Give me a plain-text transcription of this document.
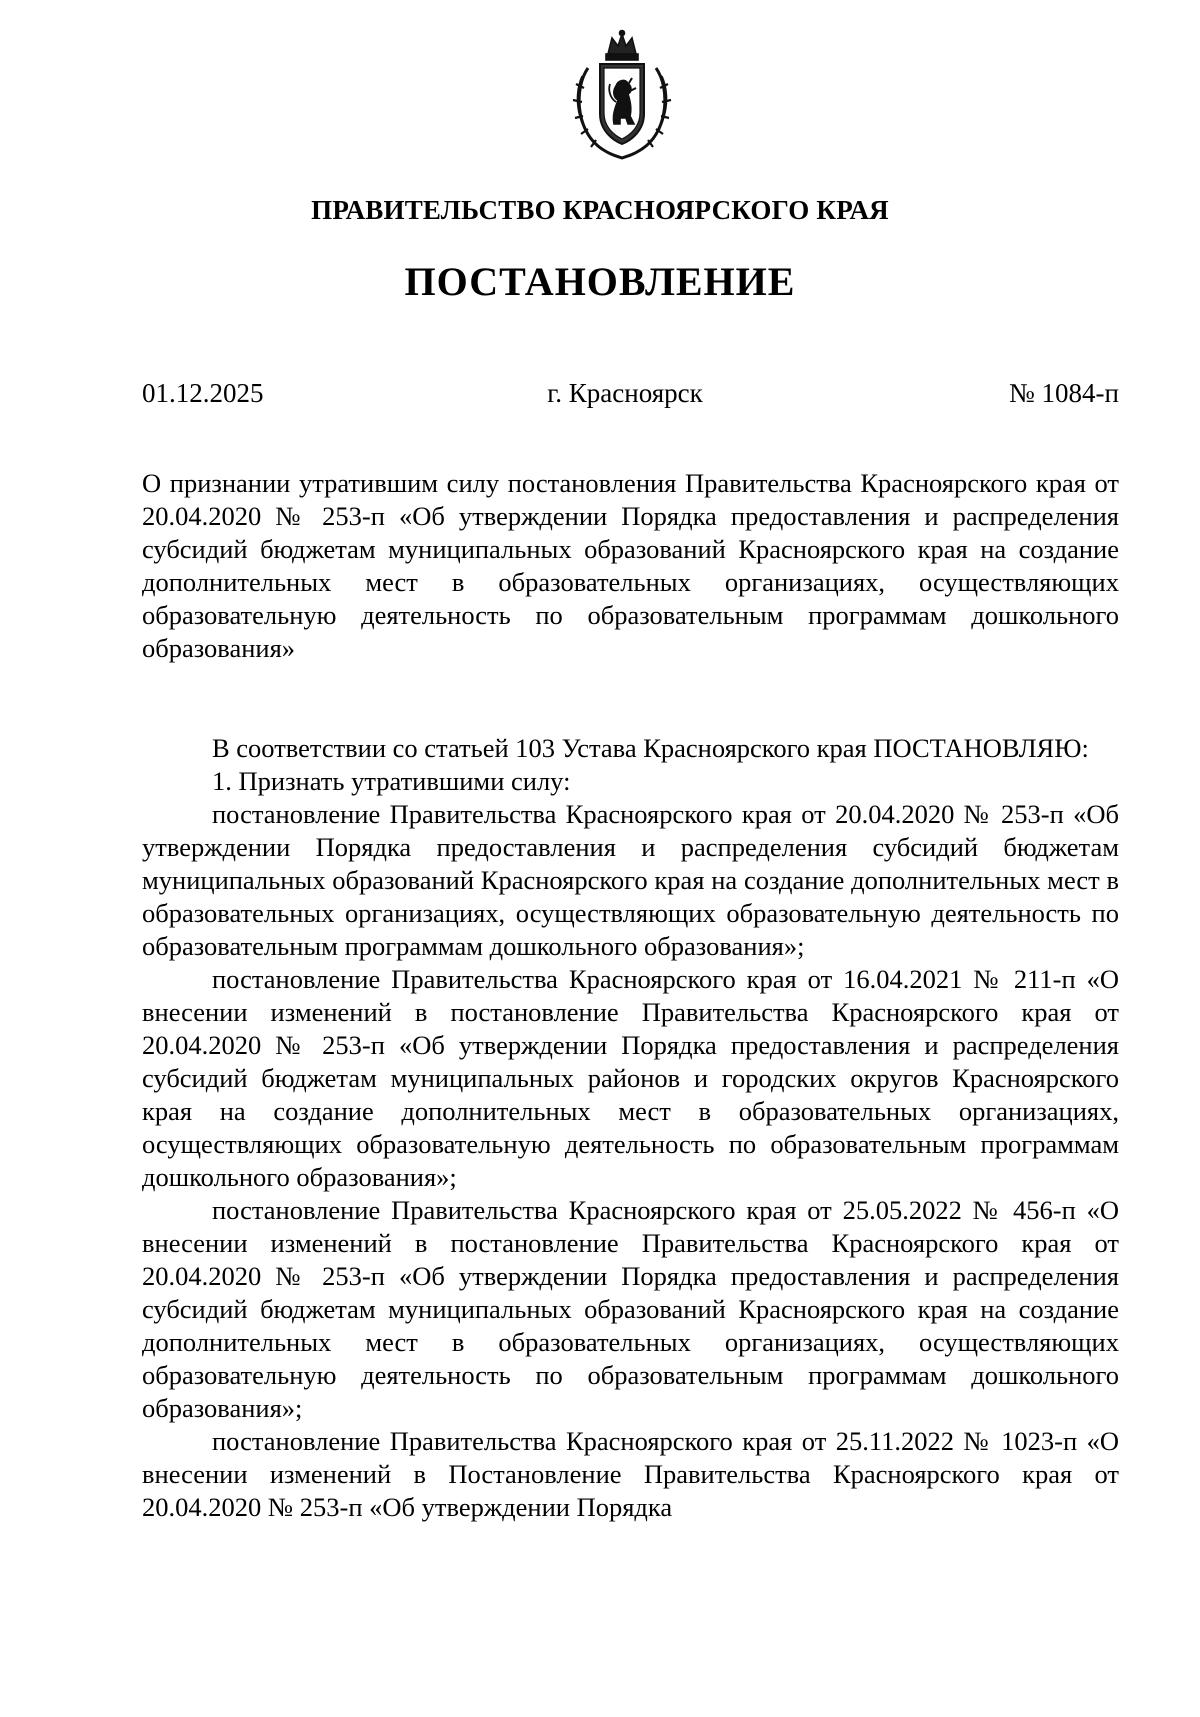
ПРАВИТЕЛЬСТВО КРАСНОЯРСКОГО КРАЯ
ПОСТАНОВЛЕНИЕ
01.12.2025	г. Красноярск	№ 1084-п

О признании утратившим силу постановления Правительства Красноярского края от 20.04.2020 № 253-п «Об утверждении Порядка предоставления и распределения субсидий бюджетам муниципальных образований Красноярского края на создание дополнительных мест в образовательных организациях, осуществляющих образовательную деятельность по образовательным программам дошкольного образования»

В соответствии со статьей 103 Устава Красноярского края ПОСТАНОВЛЯЮ:

1. Признать утратившими силу:

постановление Правительства Красноярского края от 20.04.2020 № 253-п «Об утверждении Порядка предоставления и распределения субсидий бюджетам муниципальных образований Красноярского края на создание дополнительных мест в образовательных организациях, осуществляющих образовательную деятельность по образовательным программам дошкольного образования»;

постановление Правительства Красноярского края от 16.04.2021 № 211-п «О внесении изменений в постановление Правительства Красноярского края от 20.04.2020 № 253-п «Об утверждении Порядка предоставления и распределения субсидий бюджетам муниципальных районов и городских округов Красноярского края на создание дополнительных мест в образовательных организациях, осуществляющих образовательную деятельность по образовательным программам дошкольного образования»;

постановление Правительства Красноярского края от 25.05.2022 № 456-п «О внесении изменений в постановление Правительства Красноярского края от 20.04.2020 № 253-п «Об утверждении Порядка предоставления и распределения субсидий бюджетам муниципальных образований Красноярского края на создание дополнительных мест в образовательных организациях, осуществляющих образовательную деятельность по образовательным программам дошкольного образования»;

постановление Правительства Красноярского края от 25.11.2022 № 1023-п «О внесении изменений в Постановление Правительства Красноярского края от 20.04.2020 № 253-п «Об утверждении Порядка
